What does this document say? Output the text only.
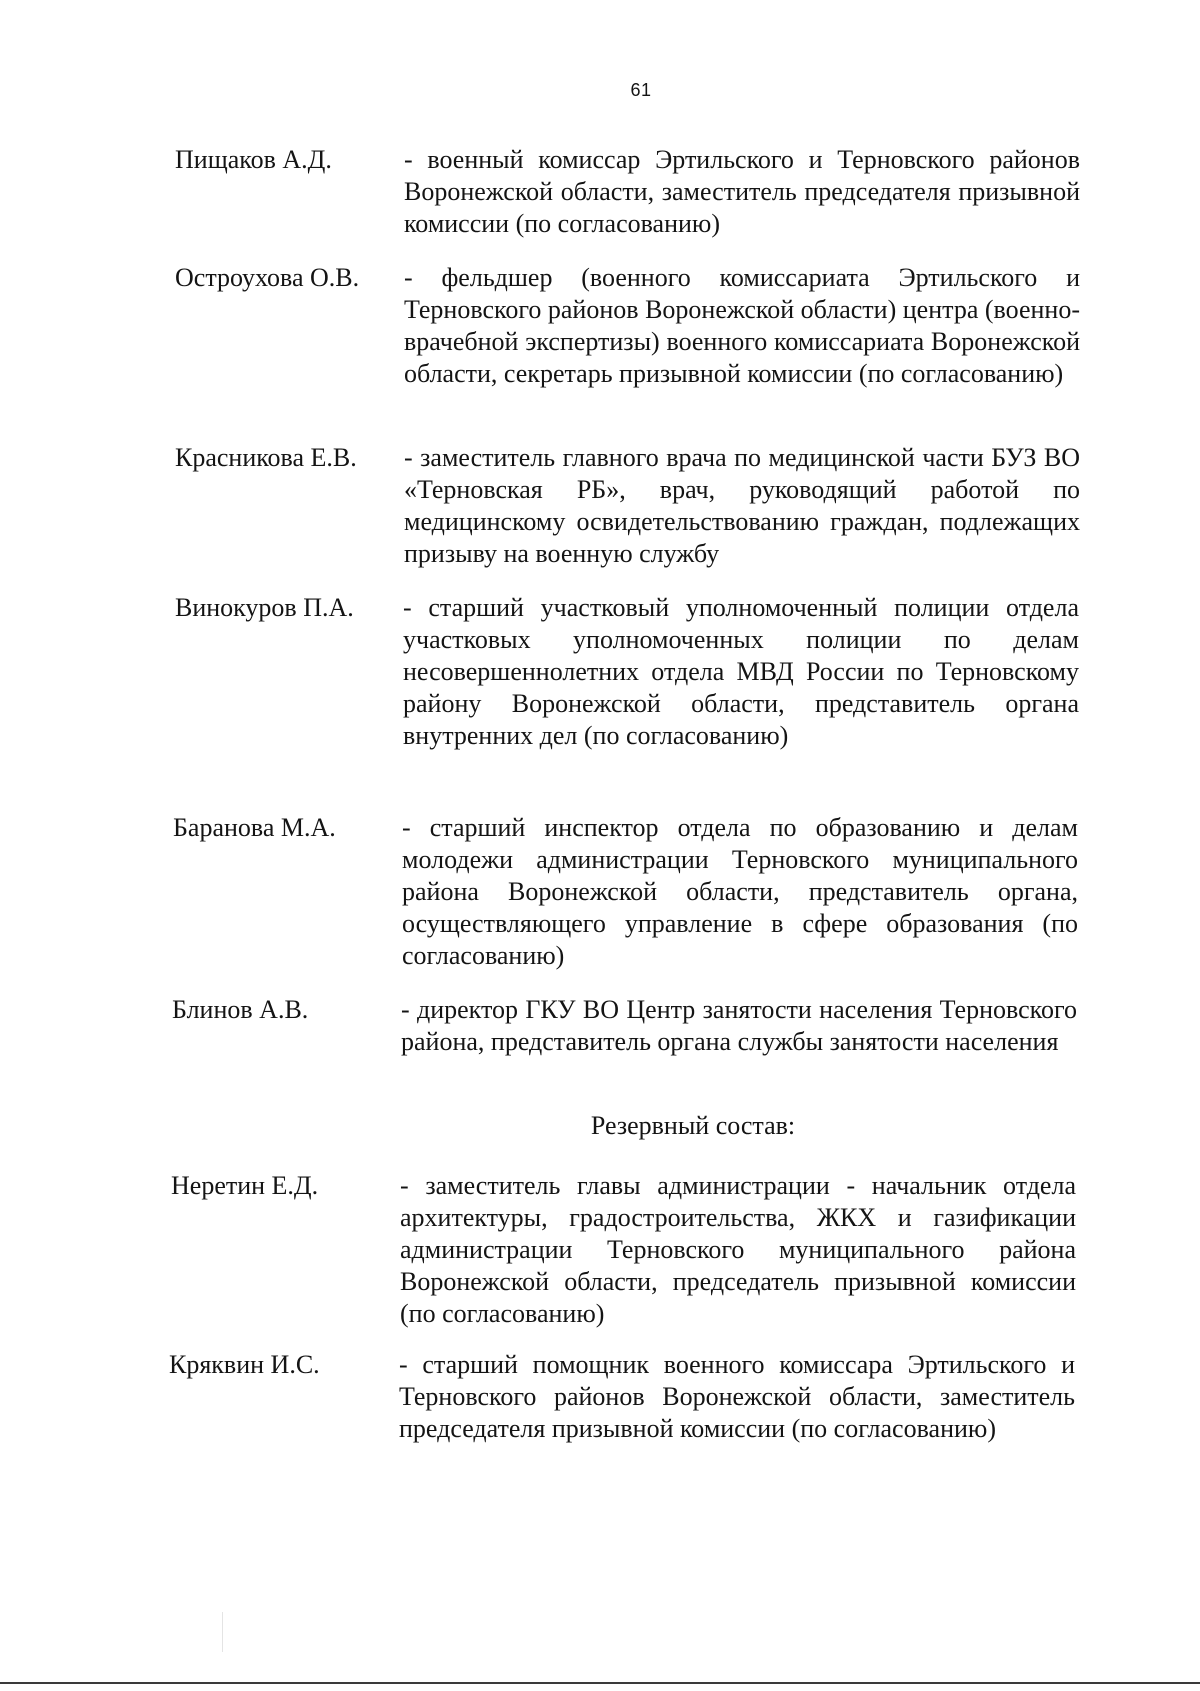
61
Пищаков А.Д.	- военный комиссар Эртильского и Терновского районов Воронежской области, заместитель председателя призывной комиссии (по согласованию)
Остроухова О.В. - фельдшер (военного комиссариата Эртильского и Терновского районов Воронежской области) центра (военно-врачебной экспертизы) военного комиссариата Воронежской области, секретарь призывной комиссии (по согласованию)
Красникова Е.В. - заместитель главного врача по медицинской части БУЗ ВО «Терновская РБ», врач, руководящий работой по медицинскому освидетельствованию граждан, подлежащих призыву на военную службу
Винокуров П.А. - старший участковый уполномоченный полиции отдела участковых уполномоченных полиции по делам несовершеннолетних отдела МВД России по Терновскому району Воронежской области, представитель органа внутренних дел (по согласованию)
Баранова М.А.	- старший инспектор отдела по образованию и делам молодежи администрации Терновского муниципального района Воронежской области, представитель органа, осуществляющего управление в сфере образования (по согласованию)
Блинов А.В.	- директор ГКУ ВО Центр занятости населения Терновского района, представитель органа службы занятости населения
Резервный состав:
Неретин Е.Д.	- заместитель главы администрации - начальник отдела архитектуры, градостроительства, ЖКХ и газификации администрации Терновского муниципального района Воронежской области, председатель призывной комиссии (по согласованию)
Кряквин И.С.	- старший помощник военного комиссара Эртильского и Терновского районов Воронежской области, заместитель председателя призывной комиссии (по согласованию)
